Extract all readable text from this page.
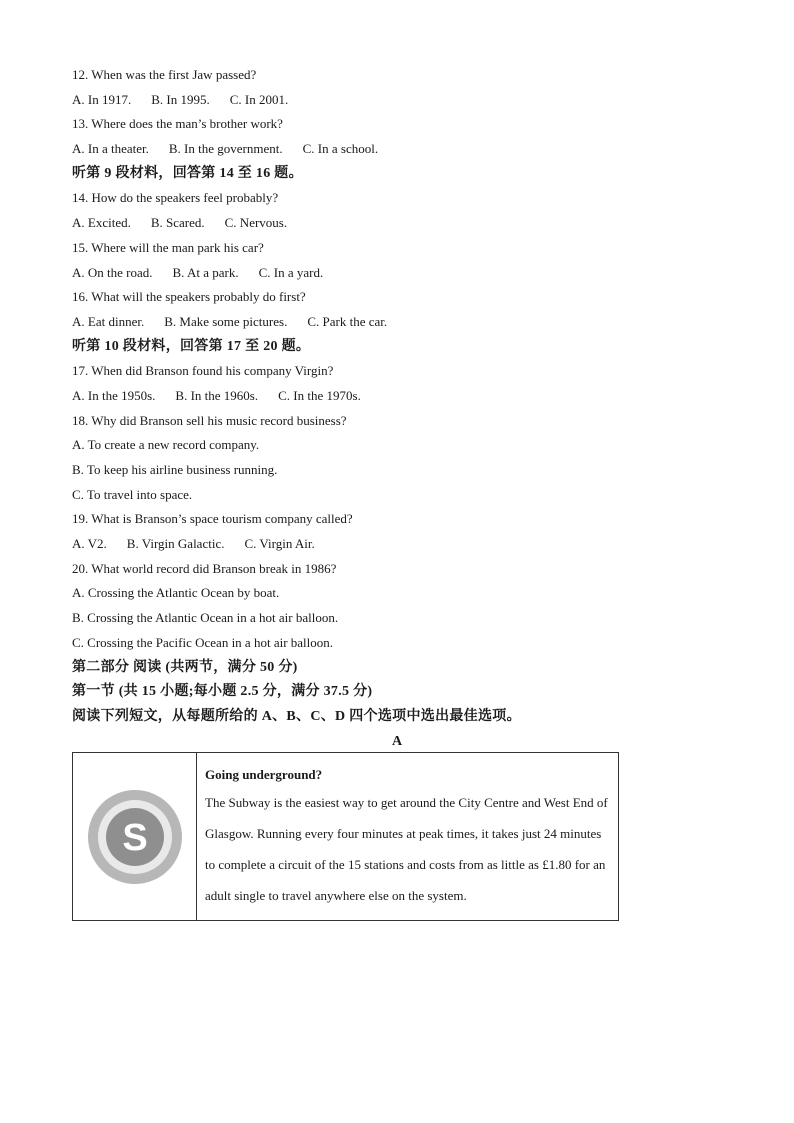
12. When was the first Jaw passed?
A. In 1917. B. In 1995. C. In 2001.
13. Where does the man’s brother work?
A. In a theater. B. In the government. C. In a school.
听第 9 段材料，回答第 14 至 16 题。
14. How do the speakers feel probably?
A. Excited. B. Scared. C. Nervous.
15. Where will the man park his car?
A. On the road. B. At a park. C. In a yard.
16. What will the speakers probably do first?
A. Eat dinner. B. Make some pictures. C. Park the car.
听第 10 段材料，回答第 17 至 20 题。
17. When did Branson found his company Virgin?
A. In the 1950s. B. In the 1960s. C. In the 1970s.
18. Why did Branson sell his music record business?
A. To create a new record company.
B. To keep his airline business running.
C. To travel into space.
19. What is Branson’s space tourism company called?
A. V2. B. Virgin Galactic. C. Virgin Air.
20. What world record did Branson break in 1986?
A. Crossing the Atlantic Ocean by boat.
B. Crossing the Atlantic Ocean in a hot air balloon.
C. Crossing the Pacific Ocean in a hot air balloon.
第二部分 阅读 (共两节，满分 50 分)
第一节 (共 15 小题;每小题 2.5 分，满分 37.5 分)
阅读下列短文，从每题所给的 A、B、C、D 四个选项中选出最佳选项。
A
S
Going underground?
The Subway is the easiest way to get around the City Centre and West End of Glasgow. Running every four minutes at peak times, it takes just 24 minutes to complete a circuit of the 15 stations and costs from as little as £1.80 for an adult single to travel anywhere else on the system.
